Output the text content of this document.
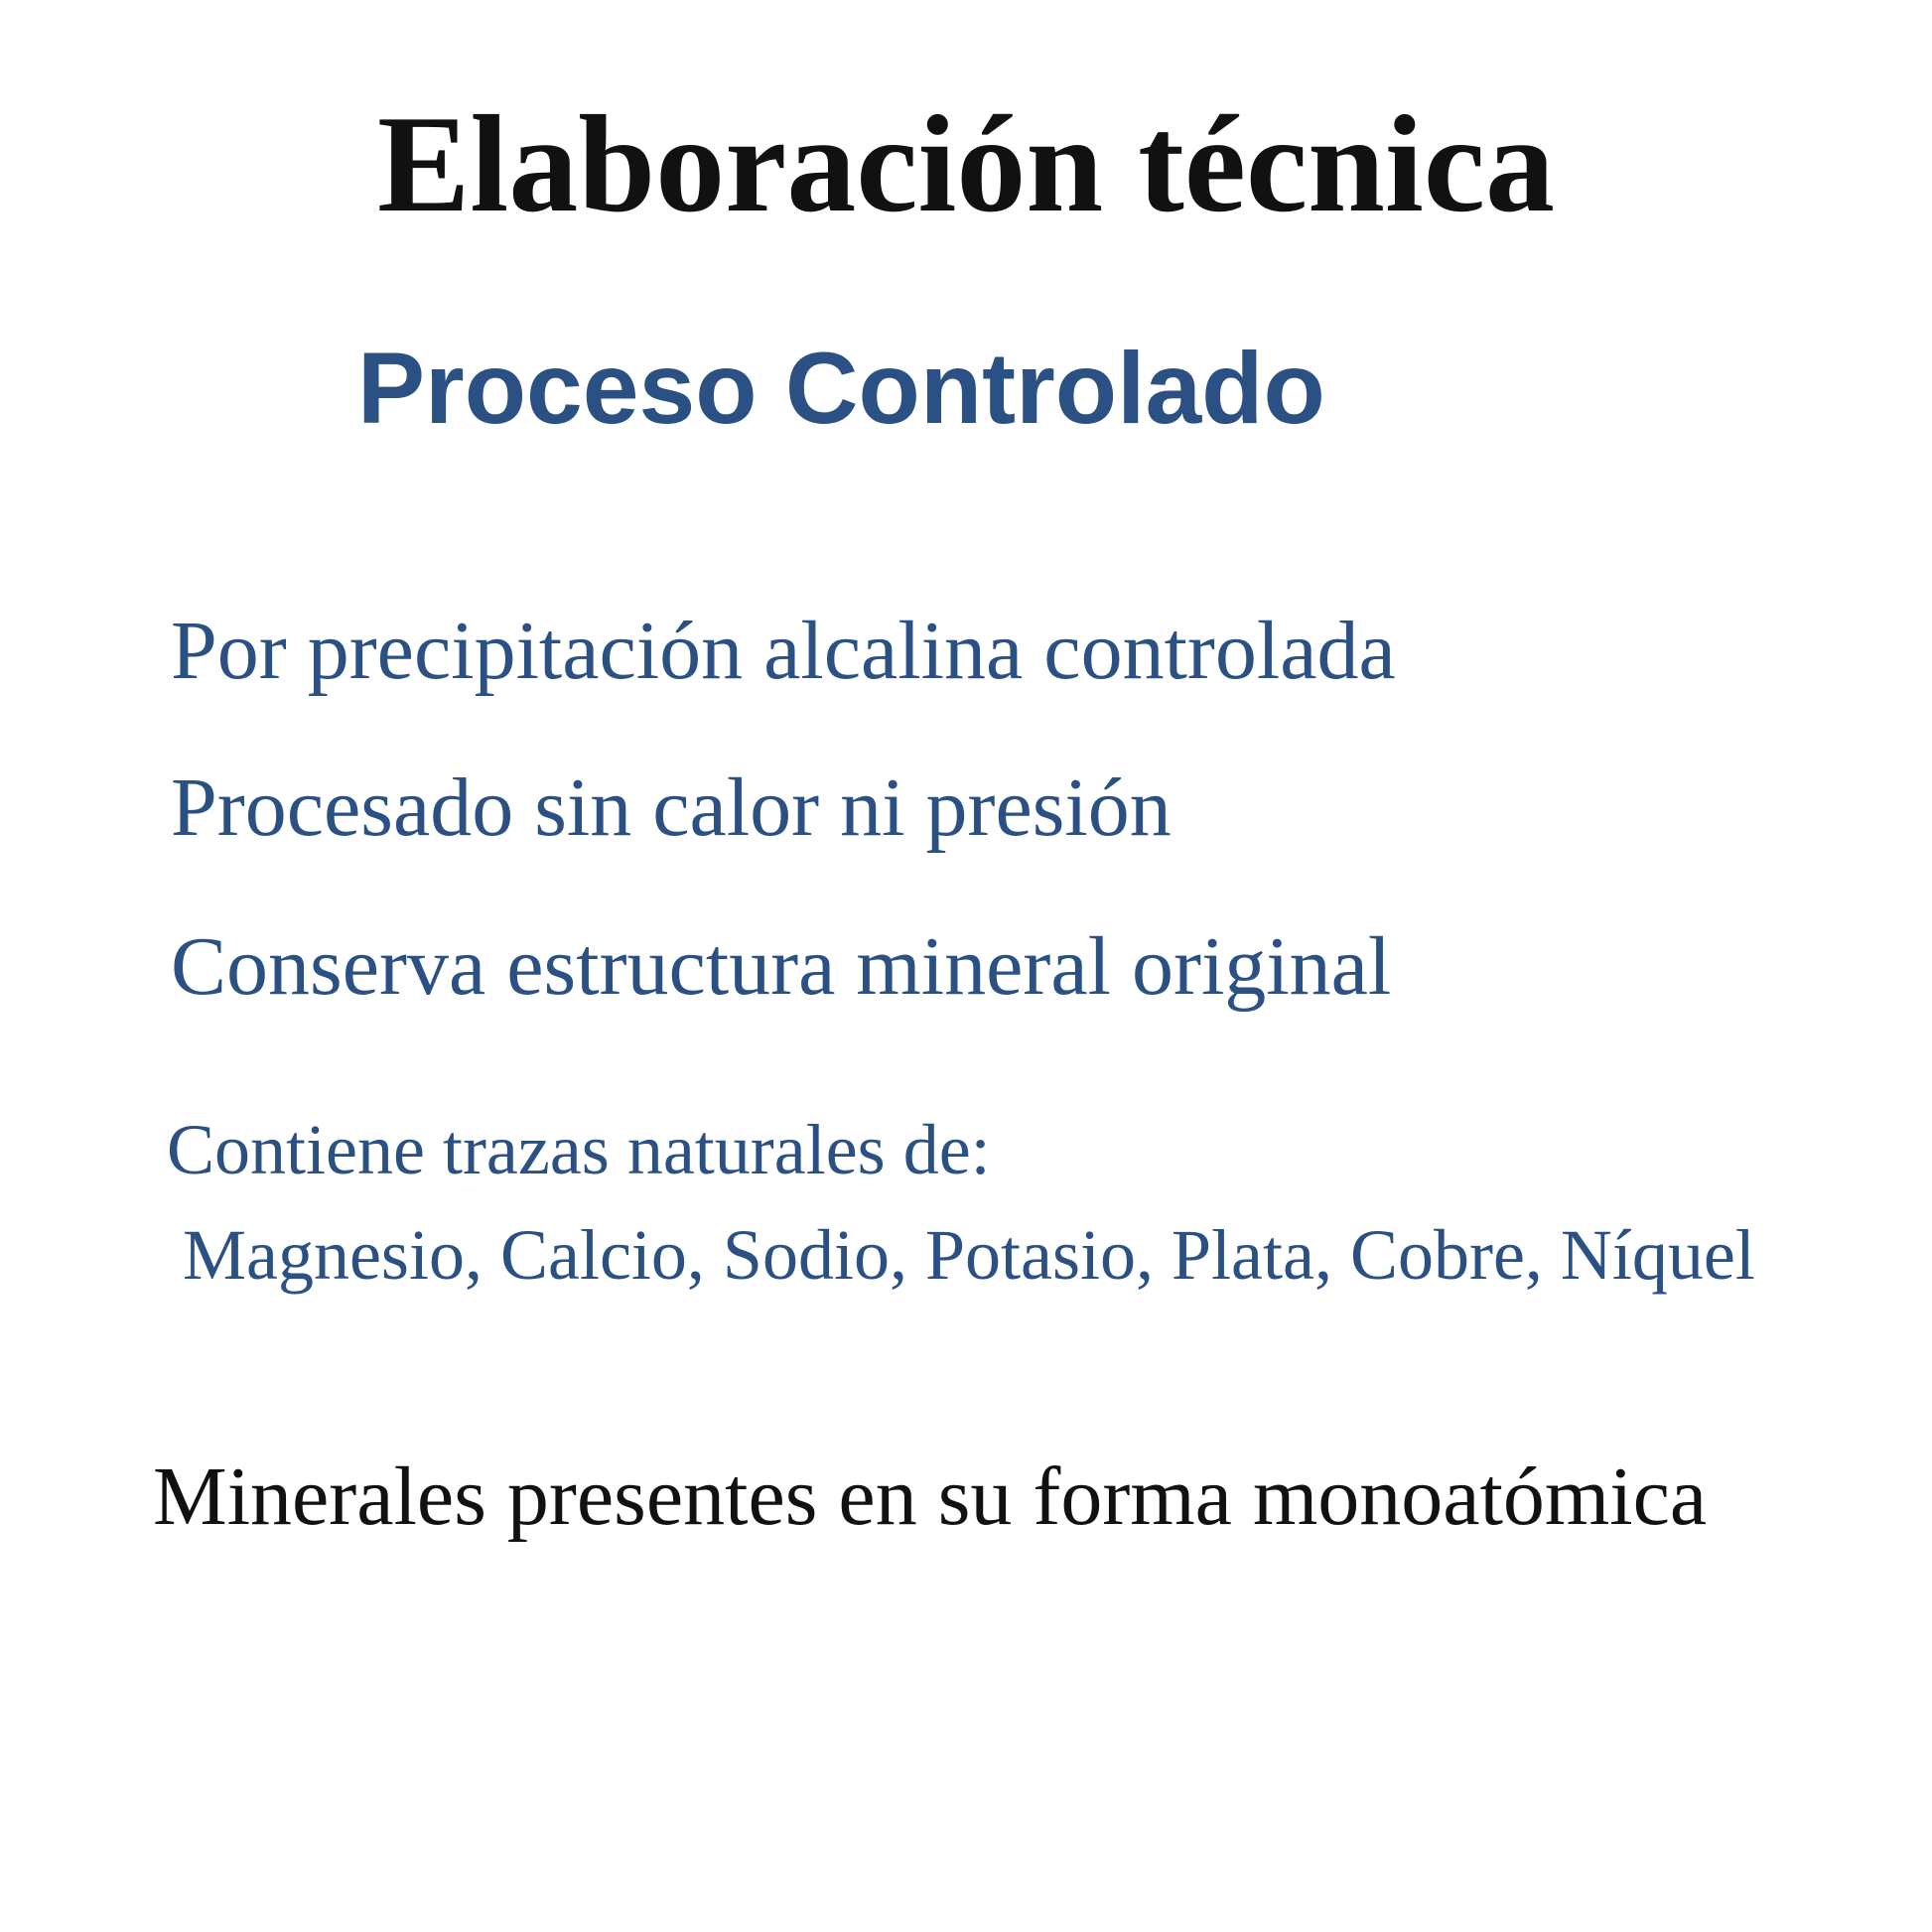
Elaboración técnica
Proceso Controlado

Por precipitación alcalina controlada

Procesado sin calor ni presión

Conserva estructura mineral original

Contiene trazas naturales de:

Magnesio, Calcio, Sodio, Potasio, Plata, Cobre, Níquel

Minerales presentes en su forma monoatómica
